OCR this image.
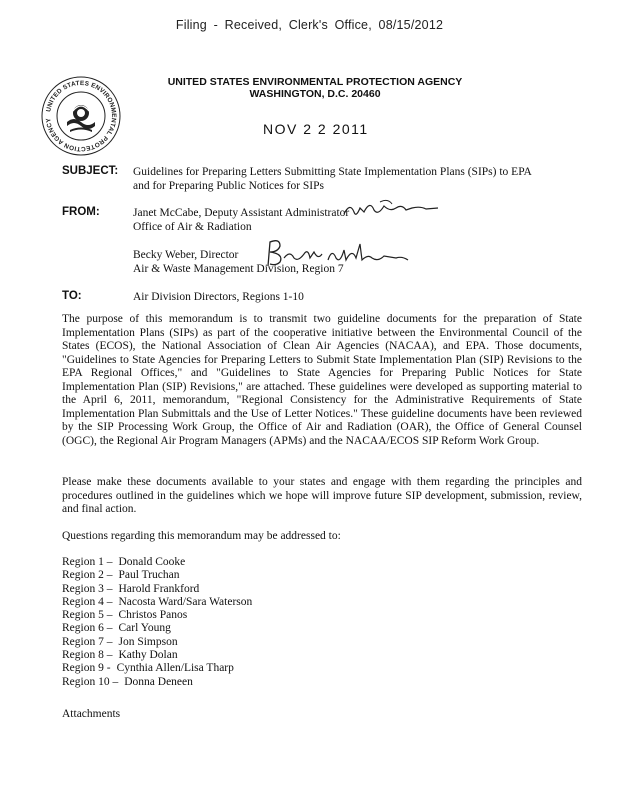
Filing - Received, Clerk's Office, 08/15/2012
UNITED STATES ENVIRONMENTAL PROTECTION AGENCY
UNITED STATES ENVIRONMENTAL PROTECTION AGENCY
WASHINGTON, D.C. 20460
NOV 2 2 2011
SUBJECT: Guidelines for Preparing Letters Submitting State Implementation Plans (SIPs) to EPA
and for Preparing Public Notices for SIPs
FROM:	Janet McCabe, Deputy Assistant Administrator
Office of Air & Radiation
Becky Weber, Director
Air & Waste Management Division, Region 7
TO:	Air Division Directors, Regions 1-10
The purpose of this memorandum is to transmit two guideline documents for the preparation of State Implementation Plans (SIPs) as part of the cooperative initiative between the Environmental Council of the States (ECOS), the National Association of Clean Air Agencies (NACAA), and EPA. Those documents, "Guidelines to State Agencies for Preparing Letters to Submit State Implementation Plan (SIP) Revisions to the EPA Regional Offices," and "Guidelines to State Agencies for Preparing Public Notices for State Implementation Plan (SIP) Revisions," are attached. These guidelines were developed as supporting material to the April 6, 2011, memorandum, "Regional Consistency for the Administrative Requirements of State Implementation Plan Submittals and the Use of Letter Notices." These guideline documents have been reviewed by the SIP Processing Work Group, the Office of Air and Radiation (OAR), the Office of General Counsel (OGC), the Regional Air Program Managers (APMs) and the NACAA/ECOS SIP Reform Work Group.
Please make these documents available to your states and engage with them regarding the principles and procedures outlined in the guidelines which we hope will improve future SIP development, submission, review, and final action.
Questions regarding this memorandum may be addressed to:
Region 1 – Donald Cooke
Region 2 – Paul Truchan
Region 3 – Harold Frankford
Region 4 – Nacosta Ward/Sara Waterson
Region 5 – Christos Panos
Region 6 – Carl Young
Region 7 – Jon Simpson
Region 8 – Kathy Dolan
Region 9 - Cynthia Allen/Lisa Tharp
Region 10 – Donna Deneen
Attachments
